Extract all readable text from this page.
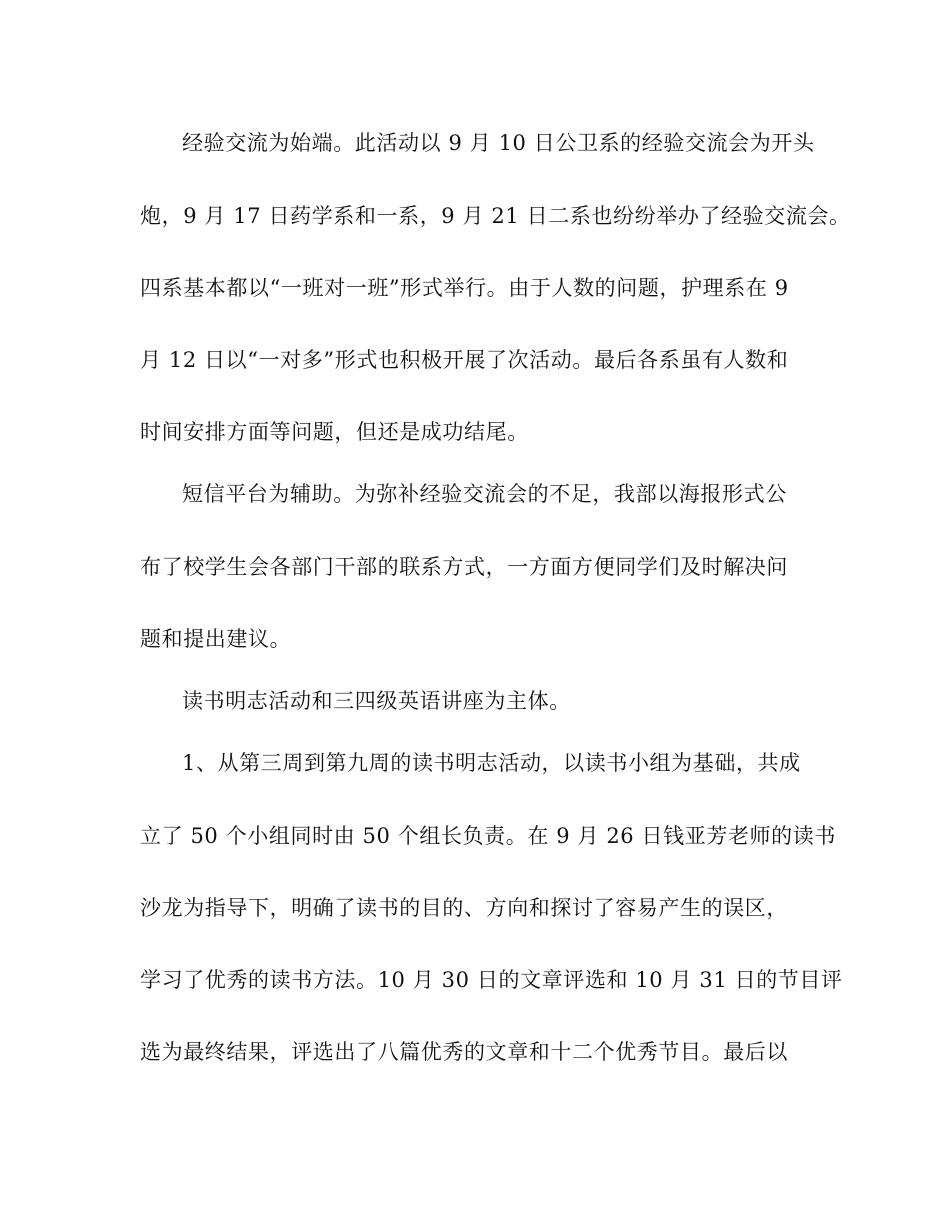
经验交流为始端。此活动以 9 月 10 日公卫系的经验交流会为开头
炮，9 月 17 日药学系和一系，9 月 21 日二系也纷纷举办了经验交流会。
四系基本都以“一班对一班”形式举行。由于人数的问题，护理系在 9
月 12 日以“一对多”形式也积极开展了次活动。最后各系虽有人数和
时间安排方面等问题，但还是成功结尾。
短信平台为辅助。为弥补经验交流会的不足，我部以海报形式公
布了校学生会各部门干部的联系方式，一方面方便同学们及时解决问
题和提出建议。
读书明志活动和三四级英语讲座为主体。
1、从第三周到第九周的读书明志活动，以读书小组为基础，共成
立了 50 个小组同时由 50 个组长负责。在 9 月 26 日钱亚芳老师的读书
沙龙为指导下，明确了读书的目的、方向和探讨了容易产生的误区，
学习了优秀的读书方法。10 月 30 日的文章评选和 10 月 31 日的节目评
选为最终结果，评选出了八篇优秀的文章和十二个优秀节目。最后以
